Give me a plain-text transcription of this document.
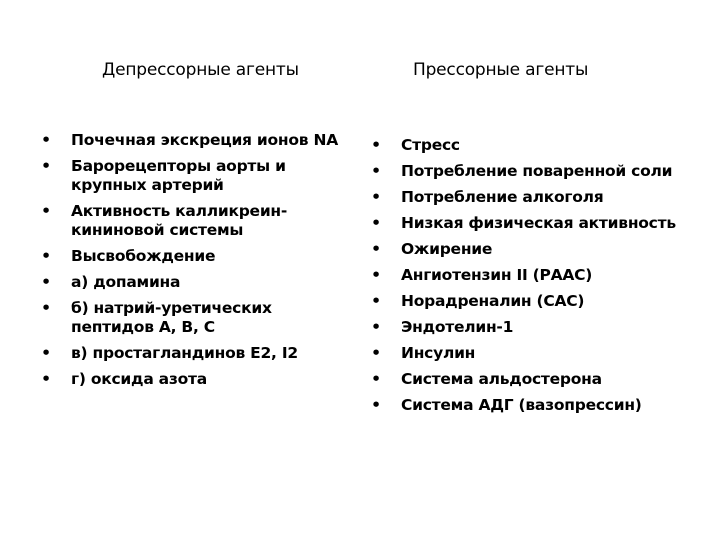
Депрессорные агенты	Прессорные агенты
• Почечная экскреция ионов NA
• Барорецепторы аорты и крупных артерий
• Активность калликреин-кининовой системы
• Высвобождение
• а) допамина
• б) натрий-уретических пептидов А, В, С
• в) простагландинов Е2, I2
• г) оксида азота
• Стресс
• Потребление поваренной соли
• Потребление алкоголя
• Низкая физическая активность
• Ожирение
• Ангиотензин II (РААС)
• Норадреналин (САС)
• Эндотелин-1
• Инсулин
• Система альдостерона
• Система АДГ (вазопрессин)
